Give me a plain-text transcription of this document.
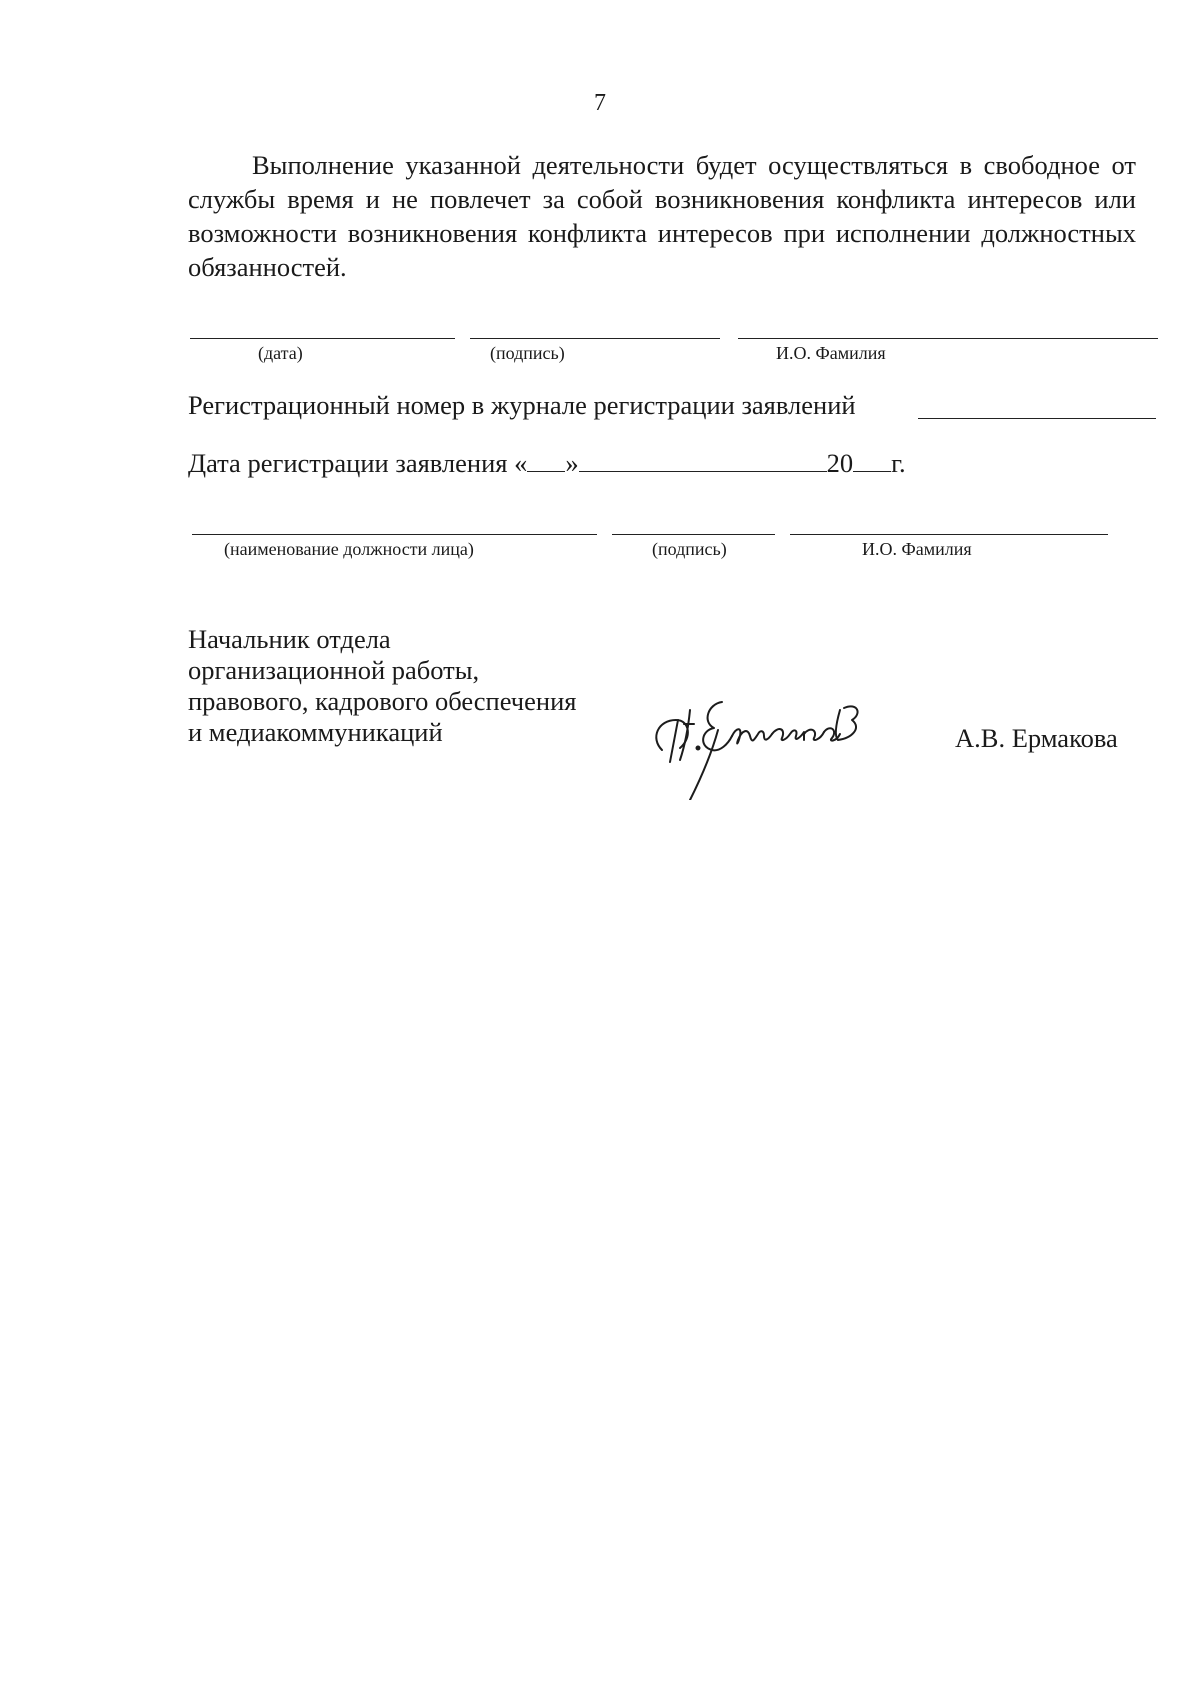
7
Выполнение указанной деятельности будет осуществляться в свободное от службы время и не повлечет за собой возникновения конфликта интересов или возможности возникновения конфликта интересов при исполнении должностных обязанностей.
(дата)	(подпись)	И.О. Фамилия
Регистрационный номер в журнале регистрации заявлений
Дата регистрации заявления « »	20 г.
(наименование должности лица)	(подпись)	И.О. Фамилия
Начальник отдела
организационной работы,
правового, кадрового обеспечения
и медиакоммуникаций	А.В. Ермакова
